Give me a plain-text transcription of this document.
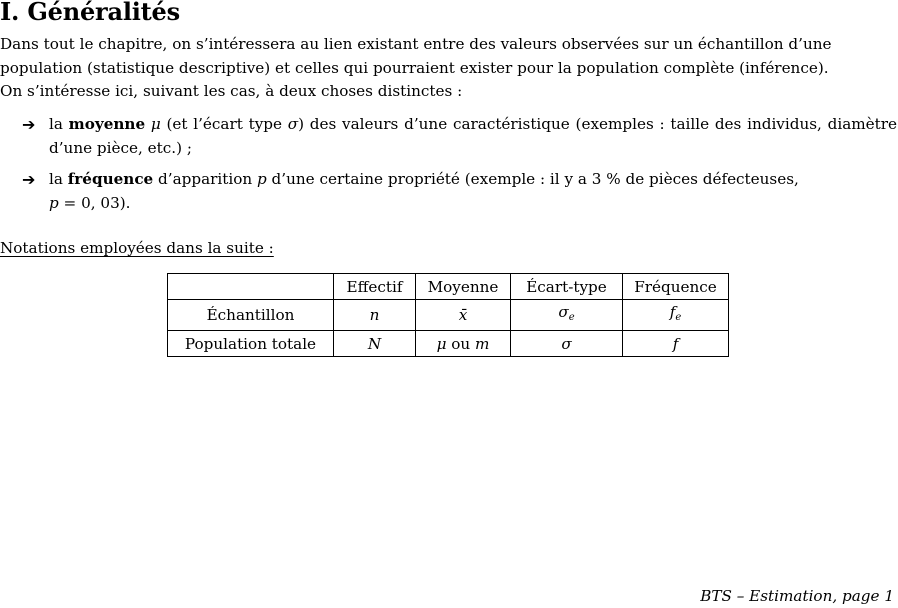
I. Généralités

Dans tout le chapitre, on s’intéressera au lien existant entre des valeurs observées sur un échantillon d’une
population (statistique descriptive) et celles qui pourraient exister pour la population complète (inférence).
On s’intéresse ici, suivant les cas, à deux choses distinctes :

➔ la moyenne μ (et l’écart type σ) des valeurs d’une caractéristique (exemples : taille des individus, diamètre d’une pièce, etc.) ;
➔ la fréquence d’apparition p d’une certaine propriété (exemple : il y a 3 % de pièces défecteuses,
p = 0, 03).

Notations employées dans la suite :

	Effectif	Moyenne	Écart-type	Fréquence
Échantillon	n	x̄	$\sigma_e$	$f_e$
Population totale	N	μ ou m	σ	f

BTS – Estimation, page 1
